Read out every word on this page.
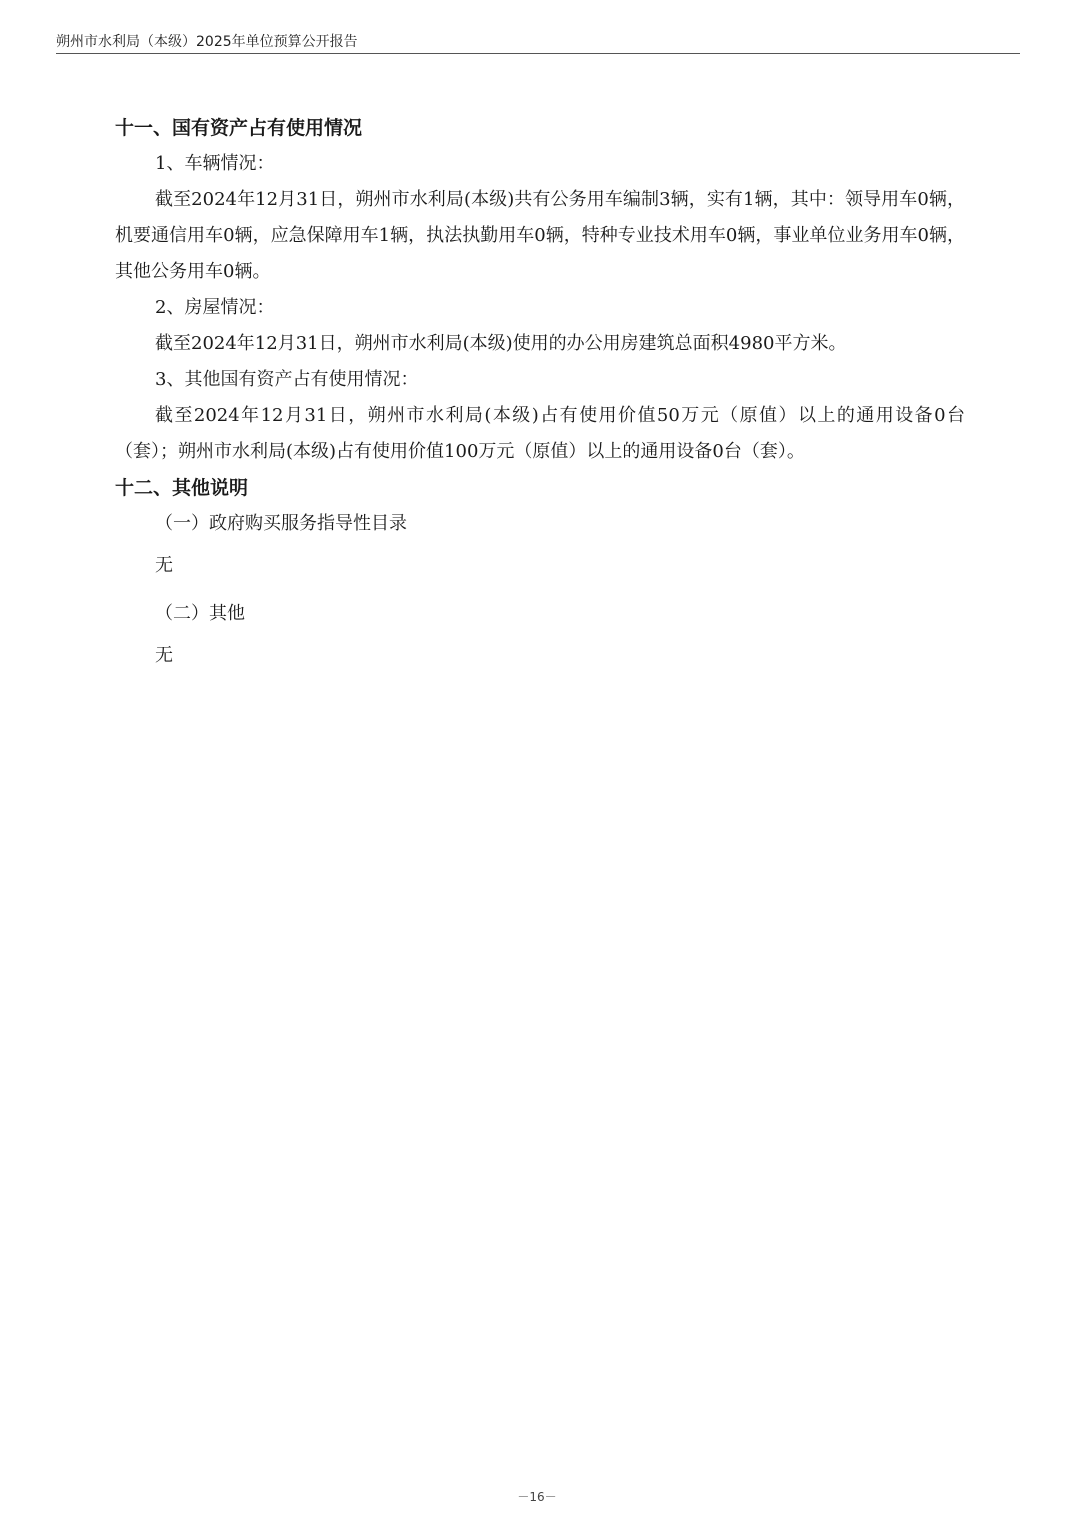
朔州市水利局（本级）2025年单位预算公开报告

十一、国有资产占有使用情况

1、车辆情况：

截至2024年12月31日，朔州市水利局(本级)共有公务用车编制3辆，实有1辆，其中：领导用车0辆，机要通信用车0辆，应急保障用车1辆，执法执勤用车0辆，特种专业技术用车0辆，事业单位业务用车0辆，其他公务用车0辆。

2、房屋情况：

截至2024年12月31日，朔州市水利局(本级)使用的办公用房建筑总面积4980平方米。

3、其他国有资产占有使用情况：

截至2024年12月31日，朔州市水利局(本级)占有使用价值50万元（原值）以上的通用设备0台（套）；朔州市水利局(本级)占有使用价值100万元（原值）以上的通用设备0台（套）。

十二、其他说明

（一）政府购买服务指导性目录

无

（二）其他

无

－16－
